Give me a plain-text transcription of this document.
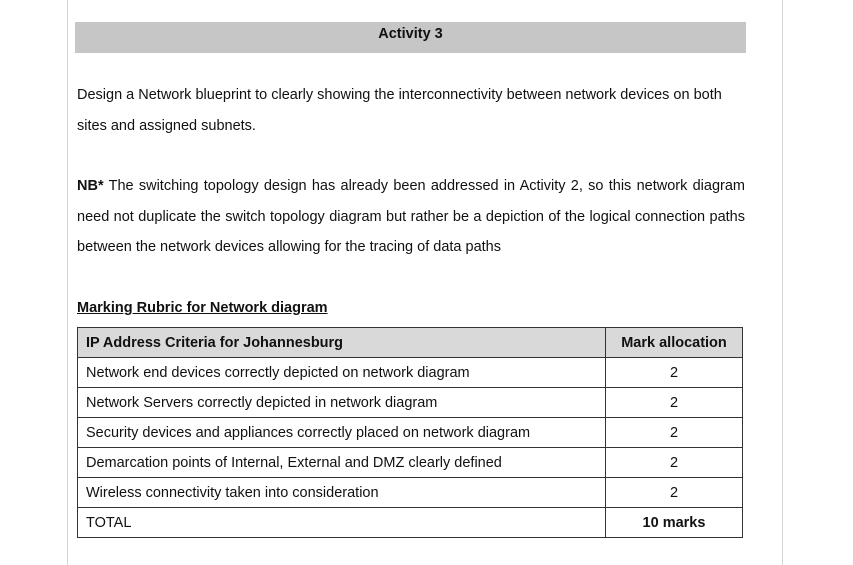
Activity 3

Design a Network blueprint to clearly showing the interconnectivity between network devices on both sites and assigned subnets.

NB* The switching topology design has already been addressed in Activity 2, so this network diagram need not duplicate the switch topology diagram but rather be a depiction of the logical connection paths between the network devices allowing for the tracing of data paths

Marking Rubric for Network diagram
IP Address Criteria for Johannesburg	Mark allocation
Network end devices correctly depicted on network diagram	2
Network Servers correctly depicted in network diagram	2
Security devices and appliances correctly placed on network diagram	2
Demarcation points of Internal, External and DMZ clearly defined	2
Wireless connectivity taken into consideration	2
TOTAL	10 marks
